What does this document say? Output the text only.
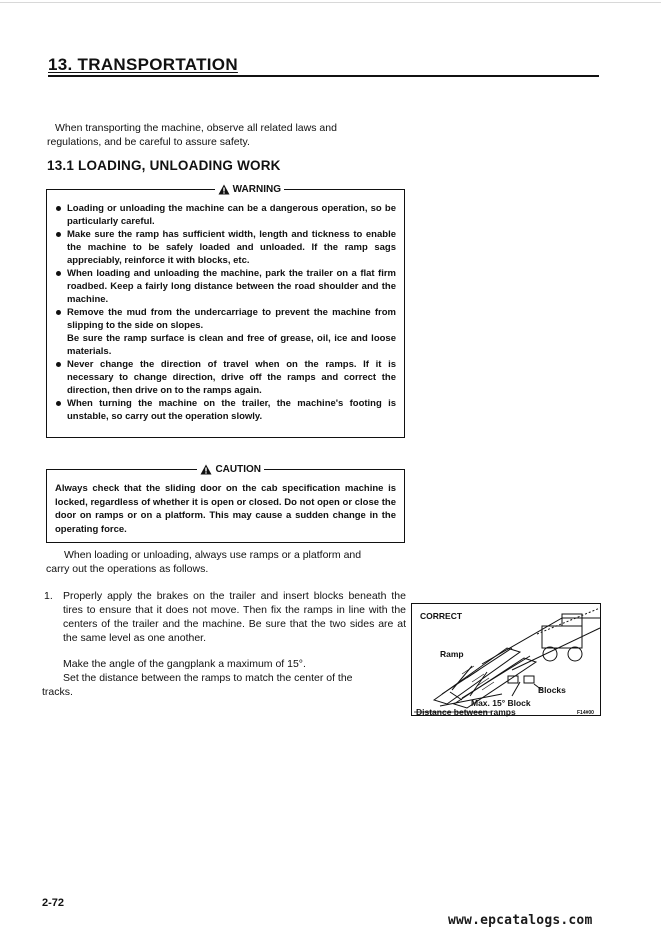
13. TRANSPORTATION
When transporting the machine, observe all related laws and
regulations, and be careful to assure safety.
13.1 LOADING, UNLOADING WORK
WARNING
Loading or unloading the machine can be a dangerous operation, so be particularly careful.
Make sure the ramp has sufficient width, length and tickness to enable the machine to be safely loaded and unloaded. If the ramp sags appreciably, reinforce it with blocks, etc.
When loading and unloading the machine, park the trailer on a flat firm roadbed. Keep a fairly long distance between the road shoulder and the machine.
Remove the mud from the undercarriage to prevent the machine from slipping to the side on slopes.
Be sure the ramp surface is clean and free of grease, oil, ice and loose materials.
Never change the direction of travel when on the ramps. If it is necessary to change direction, drive off the ramps and correct the direction, then drive on to the ramps again.
When turning the machine on the trailer, the machine's footing is unstable, so carry out the operation slowly.
CAUTION
Always check that the sliding door on the cab specification machine is locked, regardless of whether it is open or closed. Do not open or close the door on ramps or on a platform. This may cause a sudden change in the operating force.
When loading or unloading, always use ramps or a platform and
carry out the operations as follows.
1. Properly apply the brakes on the trailer and insert blocks beneath the tires to ensure that it does not move. Then fix the ramps in line with the centers of the trailer and the machine. Be sure that the two sides are at the same level as one another.
Make the angle of the gangplank a maximum of 15°.
Set the distance between the ramps to match the center of the
tracks.
CORRECT
Ramp
Blocks
Max. 15° Block
Distance between ramps	F14#00
2-72
www.epcatalogs.com
